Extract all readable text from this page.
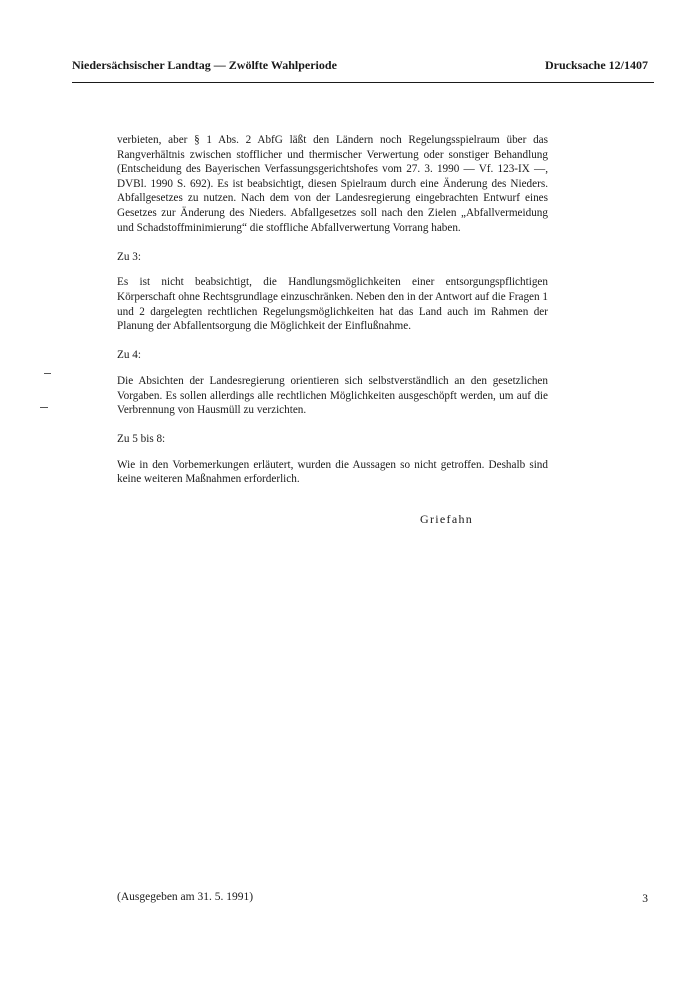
Niedersächsischer Landtag — Zwölfte Wahlperiode	Drucksache 12/1407

verbieten, aber § 1 Abs. 2 AbfG läßt den Ländern noch Regelungsspielraum über das Rangverhältnis zwischen stofflicher und thermischer Verwertung oder sonstiger Behandlung (Entscheidung des Bayerischen Verfassungsgerichtshofes vom 27. 3. 1990 — Vf. 123-IX —, DVBl. 1990 S. 692). Es ist beabsichtigt, diesen Spielraum durch eine Änderung des Nieders. Abfallgesetzes zu nutzen. Nach dem von der Landesregierung eingebrachten Entwurf eines Gesetzes zur Änderung des Nieders. Abfallgesetzes soll nach den Zielen „Abfallvermeidung und Schadstoffminimierung“ die stoffliche Abfallverwertung Vorrang haben.

Zu 3:

Es ist nicht beabsichtigt, die Handlungsmöglichkeiten einer entsorgungspflichtigen Körperschaft ohne Rechtsgrundlage einzuschränken. Neben den in der Antwort auf die Fragen 1 und 2 dargelegten rechtlichen Regelungsmöglichkeiten hat das Land auch im Rahmen der Planung der Abfallentsorgung die Möglichkeit der Einflußnahme.

Zu 4:

Die Absichten der Landesregierung orientieren sich selbstverständlich an den gesetzlichen Vorgaben. Es sollen allerdings alle rechtlichen Möglichkeiten ausgeschöpft werden, um auf die Verbrennung von Hausmüll zu verzichten.

Zu 5 bis 8:

Wie in den Vorbemerkungen erläutert, wurden die Aussagen so nicht getroffen. Deshalb sind keine weiteren Maßnahmen erforderlich.

Griefahn
(Ausgegeben am 31. 5. 1991)	3
